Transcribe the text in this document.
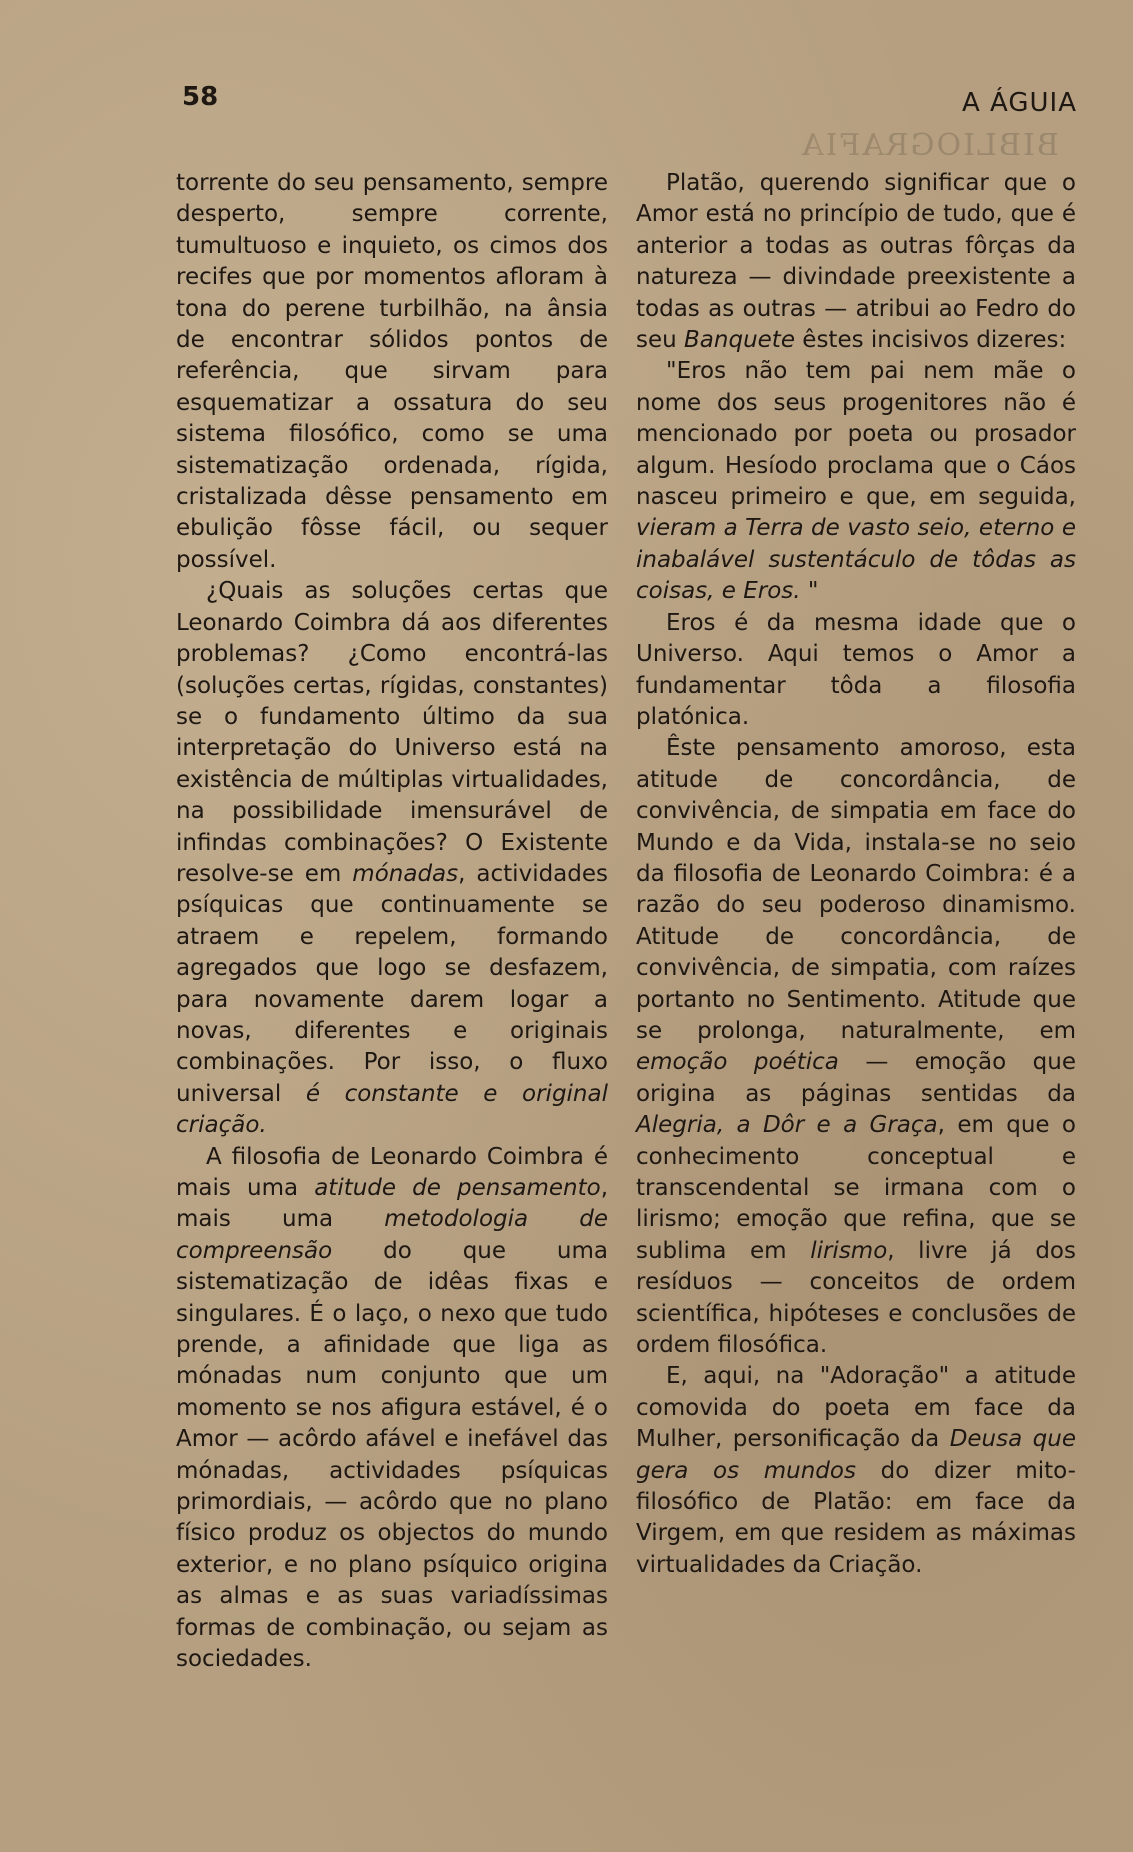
58	A ÁGUIA
BIBLIOGRAFIA

torrente do seu pensamento, sempre desperto, sempre corrente, tumultuoso e inquieto, os cimos dos recifes que por momentos afloram à tona do perene turbilhão, na ânsia de encontrar sólidos pontos de referência, que sirvam para esquematizar a ossatura do seu sistema filosófico, como se uma sistematização ordenada, rígida, cristalizada dêsse pensamento em ebulição fôsse fácil, ou sequer possível.

¿Quais as soluções certas que Leonardo Coimbra dá aos diferentes problemas? ¿Como encontrá-las (soluções certas, rígidas, constantes) se o fundamento último da sua interpretação do Universo está na existência de múltiplas virtualidades, na possibilidade imensurável de infindas combinações? O Existente resolve-se em mónadas, actividades psíquicas que continuamente se atraem e repelem, formando agregados que logo se desfazem, para novamente darem logar a novas, diferentes e originais combinações. Por isso, o fluxo universal é constante e original criação.

A filosofia de Leonardo Coimbra é mais uma atitude de pensamento, mais uma metodologia de compreensão do que uma sistematização de idêas fixas e singulares. É o laço, o nexo que tudo prende, a afinidade que liga as mónadas num conjunto que um momento se nos afigura estável, é o Amor — acôrdo afável e inefável das mónadas, actividades psíquicas primordiais, — acôrdo que no plano físico produz os objectos do mundo exterior, e no plano psíquico origina as almas e as suas variadíssimas formas de combinação, ou sejam as sociedades.

Platão, querendo significar que o Amor está no princípio de tudo, que é anterior a todas as outras fôrças da natureza — divindade preexistente a todas as outras — atribui ao Fedro do seu Banquete êstes incisivos dizeres:

"Eros não tem pai nem mãe o nome dos seus progenitores não é mencionado por poeta ou prosador algum. Hesíodo proclama que o Cáos nasceu primeiro e que, em seguida, vieram a Terra de vasto seio, eterno e inabalável sustentáculo de tôdas as coisas, e Eros. "

Eros é da mesma idade que o Universo. Aqui temos o Amor a fundamentar tôda a filosofia platónica.

Êste pensamento amoroso, esta atitude de concordância, de convivência, de simpatia em face do Mundo e da Vida, instala-se no seio da filosofia de Leonardo Coimbra: é a razão do seu poderoso dinamismo. Atitude de concordância, de convivência, de simpatia, com raízes portanto no Sentimento. Atitude que se prolonga, naturalmente, em emoção poética — emoção que origina as páginas sentidas da Alegria, a Dôr e a Graça, em que o conhecimento conceptual e transcendental se irmana com o lirismo; emoção que refina, que se sublima em lirismo, livre já dos resíduos — conceitos de ordem scientífica, hipóteses e conclusões de ordem filosófica.

E, aqui, na "Adoração" a atitude comovida do poeta em face da Mulher, personificação da Deusa que gera os mundos do dizer mito-filosófico de Platão: em face da Virgem, em que residem as máximas virtualidades da Criação.
